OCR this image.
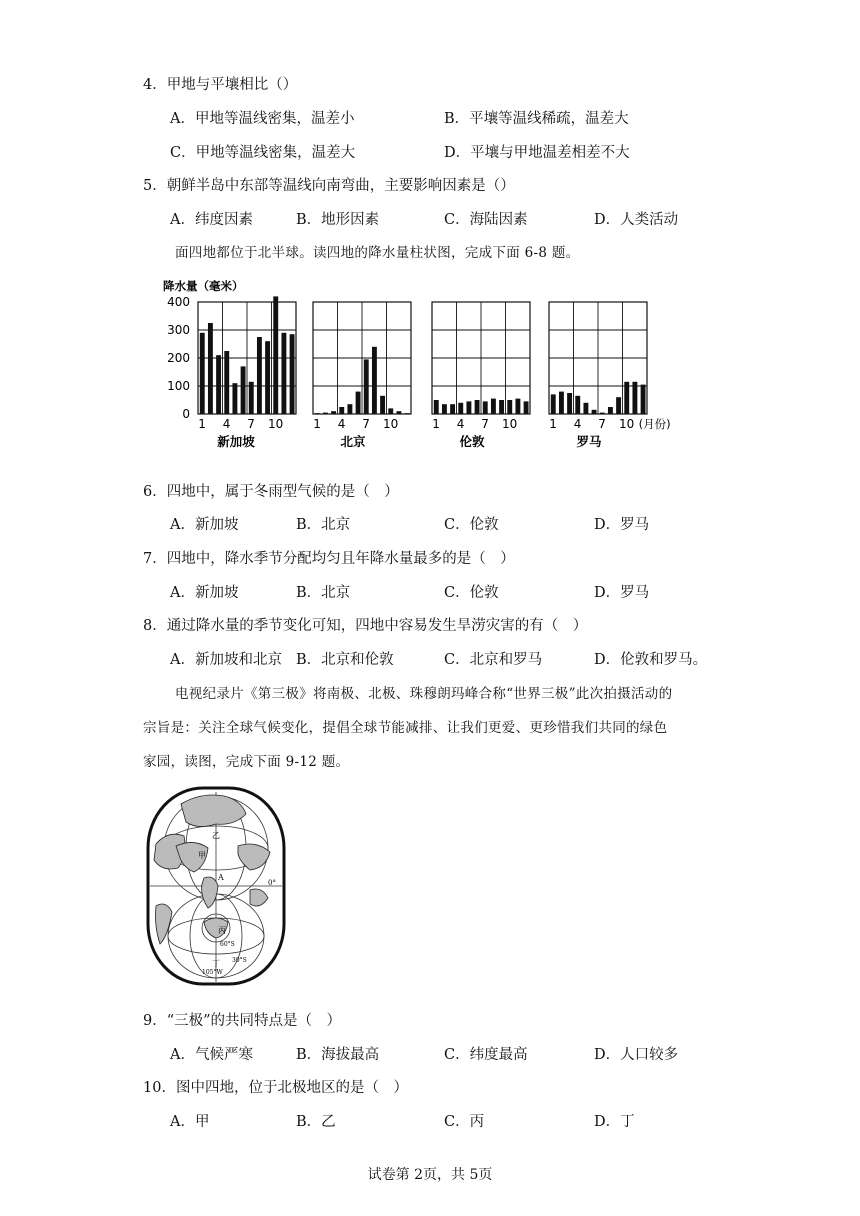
4．甲地与平壤相比（）
A．甲地等温线密集，温差小	B．平壤等温线稀疏，温差大
C．甲地等温线密集，温差大	D．平壤与甲地温差相差不大
5．朝鲜半岛中东部等温线向南弯曲，主要影响因素是（）
A．纬度因素	B．地形因素	C．海陆因素	D．人类活动
面四地都位于北半球。读四地的降水量柱状图，完成下面 6-8 题。
降水量（毫米）
0
100
200
300
400
1 4 7 10
新加坡
1 4 7 10
北京
1 4 7 10
伦敦
1 4 7 10 (月份)
罗马
6．四地中，属于冬雨型气候的是（　）
A．新加坡	B．北京	C．伦敦	D．罗马
7．四地中，降水季节分配均匀且年降水量最多的是（　）
A．新加坡	B．北京	C．伦敦	D．罗马
8．通过降水量的季节变化可知，四地中容易发生旱涝灾害的有（　）
A．新加坡和北京 B．北京和伦敦	C．北京和罗马	D．伦敦和罗马。
电视纪录片《第三极》将南极、北极、珠穆朗玛峰合称“世界三极”此次拍摄活动的
宗旨是：关注全球气候变化，提倡全球节能减排、让我们更爱、更珍惜我们共同的绿色
家园，读图，完成下面 9-12 题。
甲
乙
A
0°
丙
60°S
30°S
丁
105°W
9．“三极”的共同特点是（　）
A．气候严寒	B．海拔最高	C．纬度最高	D．人口较多
10．图中四地，位于北极地区的是（　）
A．甲	B．乙	C．丙	D．丁
试卷第 2页，共 5页
